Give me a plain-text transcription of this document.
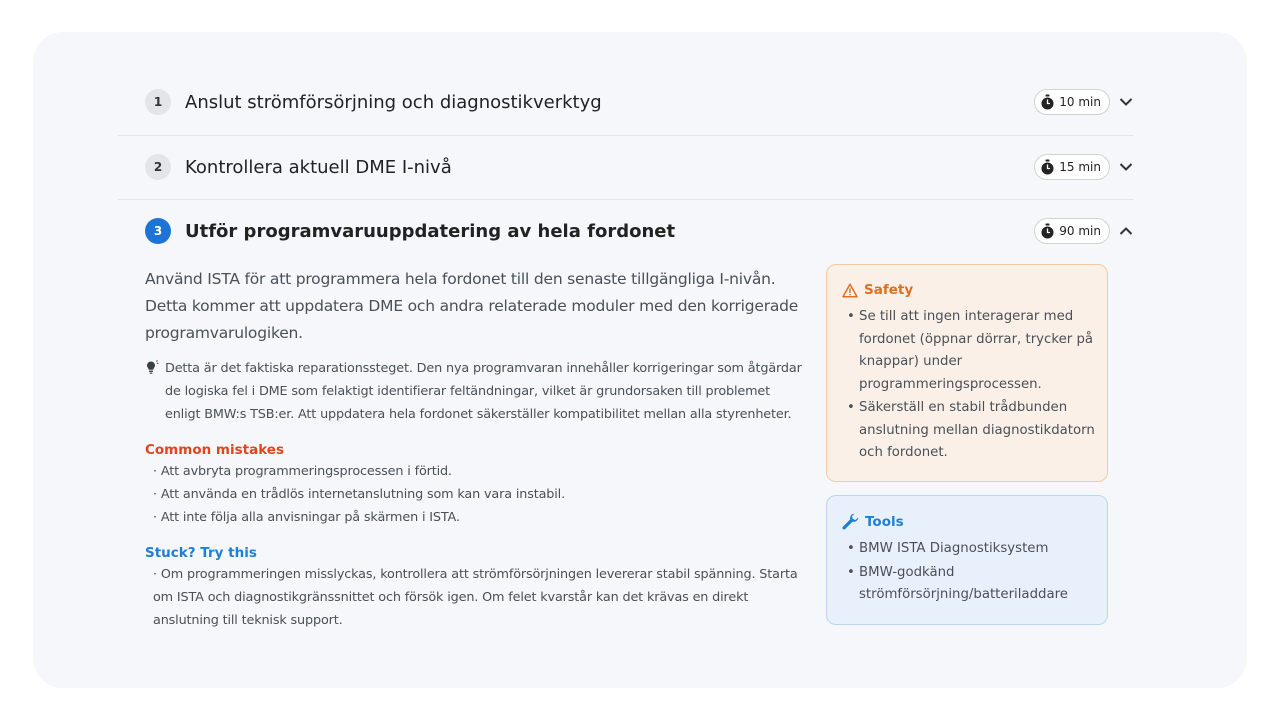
1	Anslut strömförsörjning och diagnostikverktyg	10 min
2	Kontrollera aktuell DME I-nivå	15 min
3	Utför programvaruuppdatering av hela fordonet	90 min

Använd ISTA för att programmera hela fordonet till den senaste tillgängliga I-nivån. Detta kommer att uppdatera DME och andra relaterade moduler med den korrigerade programvarulogiken.

Detta är det faktiska reparationssteget. Den nya programvaran innehåller korrigeringar som åtgärdar de logiska fel i DME som felaktigt identifierar feltändningar, vilket är grundorsaken till problemet enligt BMW:s TSB:er. Att uppdatera hela fordonet säkerställer kompatibilitet mellan alla styrenheter.
Common mistakes
· Att avbryta programmeringsprocessen i förtid.
· Att använda en trådlös internetanslutning som kan vara instabil.
· Att inte följa alla anvisningar på skärmen i ISTA.
Stuck? Try this
· Om programmeringen misslyckas, kontrollera att strömförsörjningen levererar stabil spänning. Starta om ISTA och diagnostikgränssnittet och försök igen. Om felet kvarstår kan det krävas en direkt anslutning till teknisk support.
Safety
• Se till att ingen interagerar med fordonet (öppnar dörrar, trycker på knappar) under programmeringsprocessen.
• Säkerställ en stabil trådbunden anslutning mellan diagnostikdatorn och fordonet.
Tools
• BMW ISTA Diagnostiksystem
• BMW-godkänd strömförsörjning/batteriladdare
